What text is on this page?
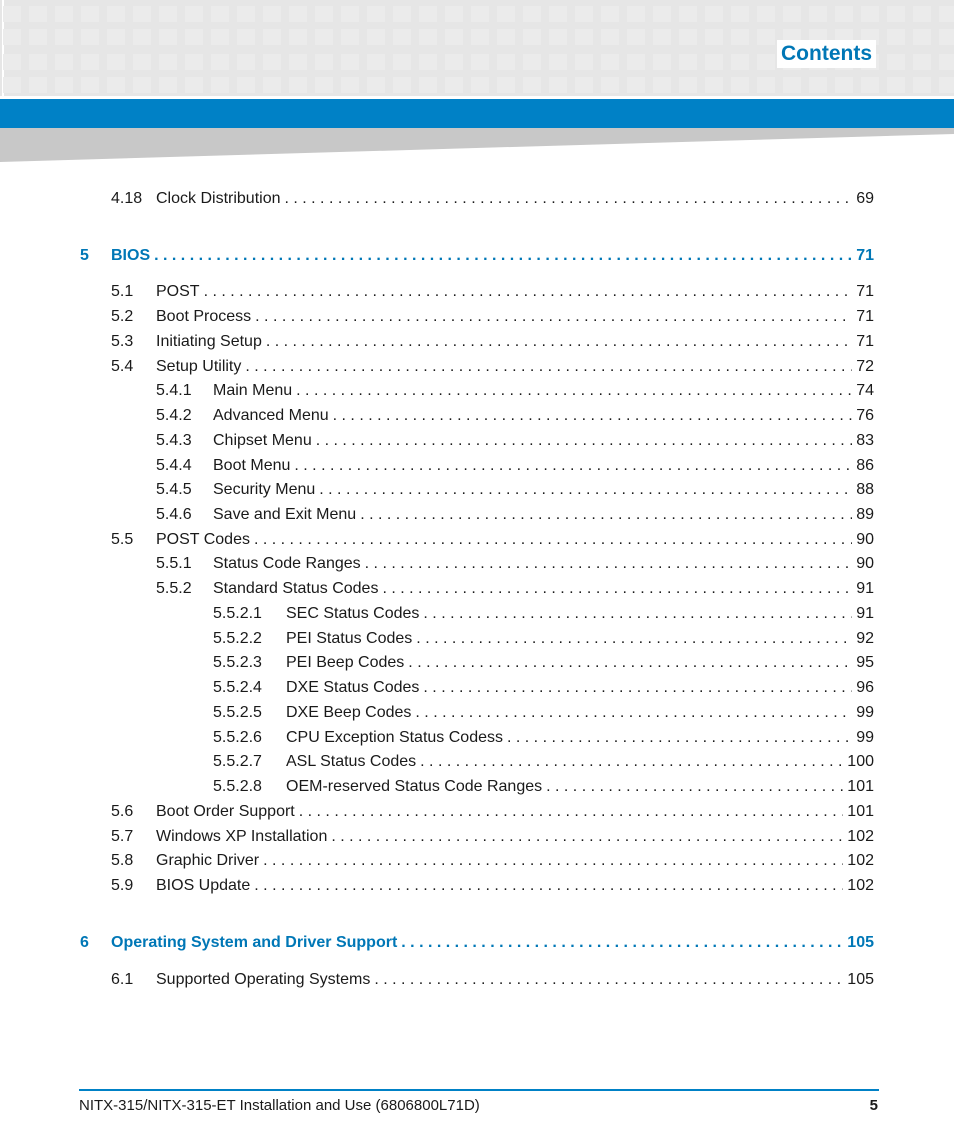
Contents
4.18 Clock Distribution . . .	69
5 BIOS . . .	71
5.1 POST . . .	71
5.2 Boot Process . . .	71
5.3 Initiating Setup . . .	71
5.4 Setup Utility . . .	72
5.4.1 Main Menu . . .	74
5.4.2 Advanced Menu . . .	76
5.4.3 Chipset Menu . . .	83
5.4.4 Boot Menu . . .	86
5.4.5 Security Menu . . .	88
5.4.6 Save and Exit Menu . . .	89
5.5 POST Codes . . .	90
5.5.1 Status Code Ranges . . .	90
5.5.2 Standard Status Codes . . .	91
5.5.2.1 SEC Status Codes . . .	91
5.5.2.2 PEI Status Codes . . .	92
5.5.2.3 PEI Beep Codes . . .	95
5.5.2.4 DXE Status Codes . . .	96
5.5.2.5 DXE Beep Codes . . .	99
5.5.2.6 CPU Exception Status Codess . . .	99
5.5.2.7 ASL Status Codes . . .	100
5.5.2.8 OEM-reserved Status Code Ranges . . .	101
5.6 Boot Order Support . . .	101
5.7 Windows XP Installation . . .	102
5.8 Graphic Driver . . .	102
5.9 BIOS Update . . .	102
6 Operating System and Driver Support . . .	105
6.1 Supported Operating Systems . . .	105
NITX-315/NITX-315-ET Installation and Use (6806800L71D)	5
